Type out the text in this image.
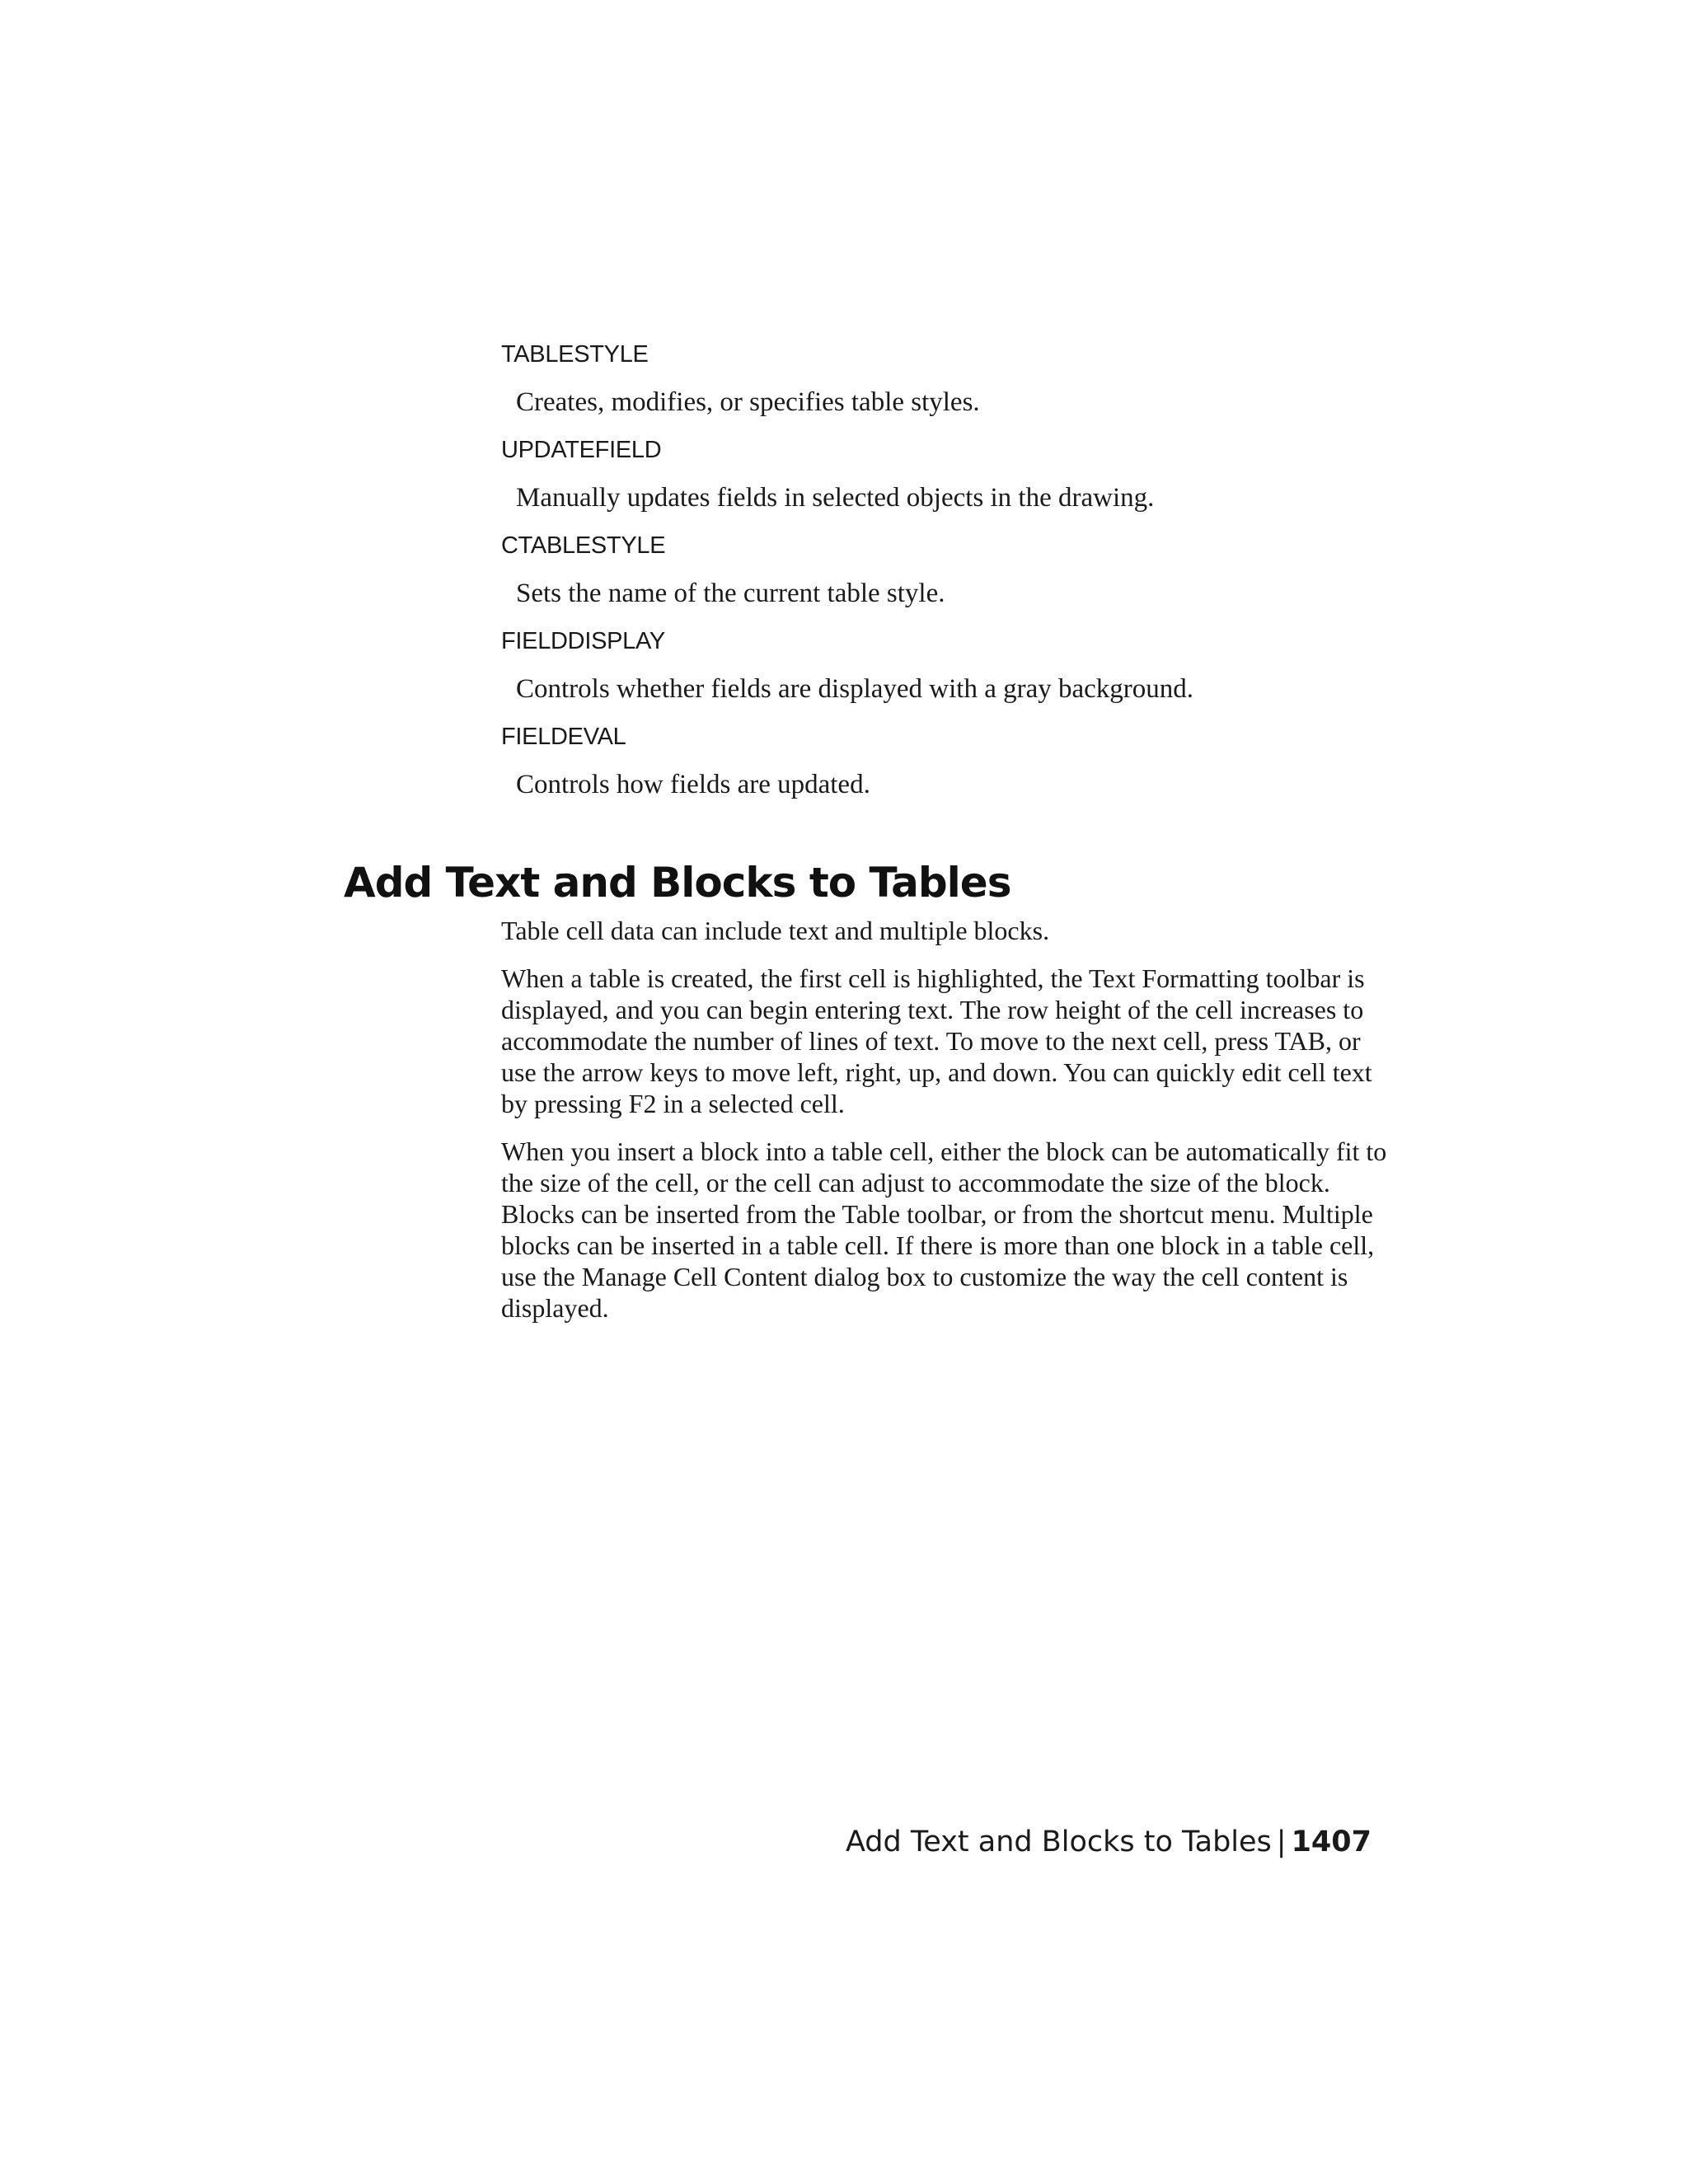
TABLESTYLE
Creates, modifies, or specifies table styles.
UPDATEFIELD
Manually updates fields in selected objects in the drawing.
CTABLESTYLE
Sets the name of the current table style.
FIELDDISPLAY
Controls whether fields are displayed with a gray background.
FIELDEVAL
Controls how fields are updated.
Add Text and Blocks to Tables

Table cell data can include text and multiple blocks.

When a table is created, the first cell is highlighted, the Text Formatting toolbar is displayed, and you can begin entering text. The row height of the cell increases to accommodate the number of lines of text. To move to the next cell, press TAB, or use the arrow keys to move left, right, up, and down. You can quickly edit cell text by pressing F2 in a selected cell.

When you insert a block into a table cell, either the block can be automatically fit to the size of the cell, or the cell can adjust to accommodate the size of the block. Blocks can be inserted from the Table toolbar, or from the shortcut menu. Multiple blocks can be inserted in a table cell. If there is more than one block in a table cell, use the Manage Cell Content dialog box to customize the way the cell content is displayed.

Add Text and Blocks to Tables | 1407
